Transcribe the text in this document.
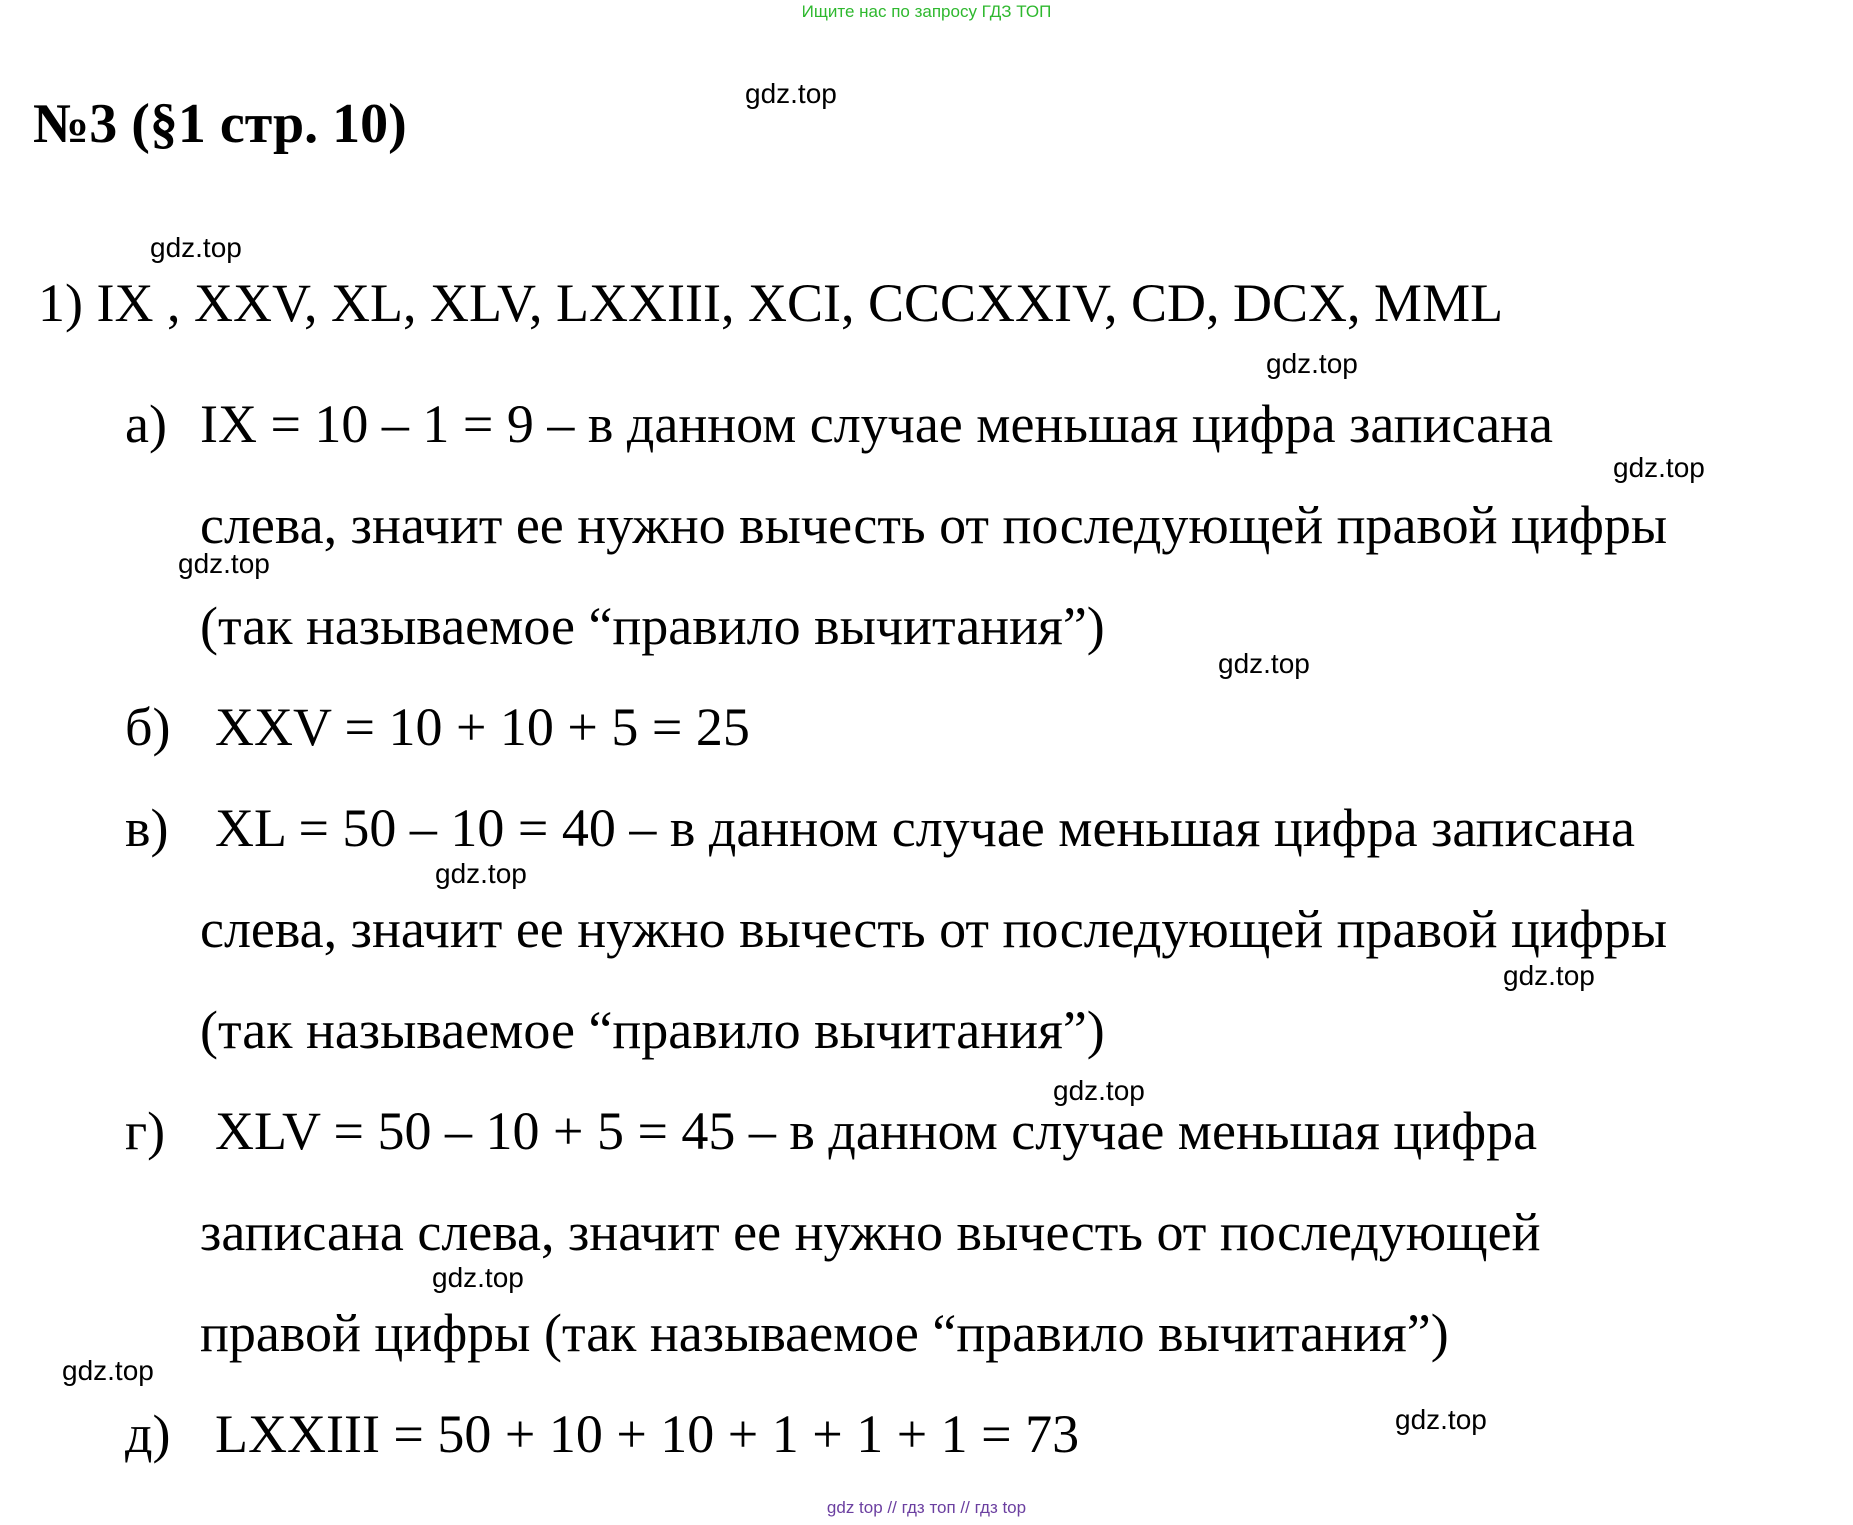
Ищите нас по запросу ГДЗ ТОП
№3 (§1 стр. 10)
1) IX , XXV, XL, XLV, LXXIII, XCI, CCCXXIV, CD, DCX, MML
а) IX = 10 – 1 = 9 – в данном случае меньшая цифра записана
слева, значит ее нужно вычесть от последующей правой цифры
(так называемое “правило вычитания”)
б) XXV = 10 + 10 + 5 = 25
в) XL = 50 – 10 = 40 – в данном случае меньшая цифра записана
слева, значит ее нужно вычесть от последующей правой цифры
(так называемое “правило вычитания”)
г) XLV = 50 – 10 + 5 = 45 – в данном случае меньшая цифра
записана слева, значит ее нужно вычесть от последующей
правой цифры (так называемое “правило вычитания”)
д) LXXIII = 50 + 10 + 10 + 1 + 1 + 1 = 73
gdz.top
gdz.top
gdz.top
gdz.top
gdz.top
gdz.top
gdz.top
gdz.top
gdz.top
gdz.top
gdz.top
gdz.top
gdz top // гдз топ // гдз top
